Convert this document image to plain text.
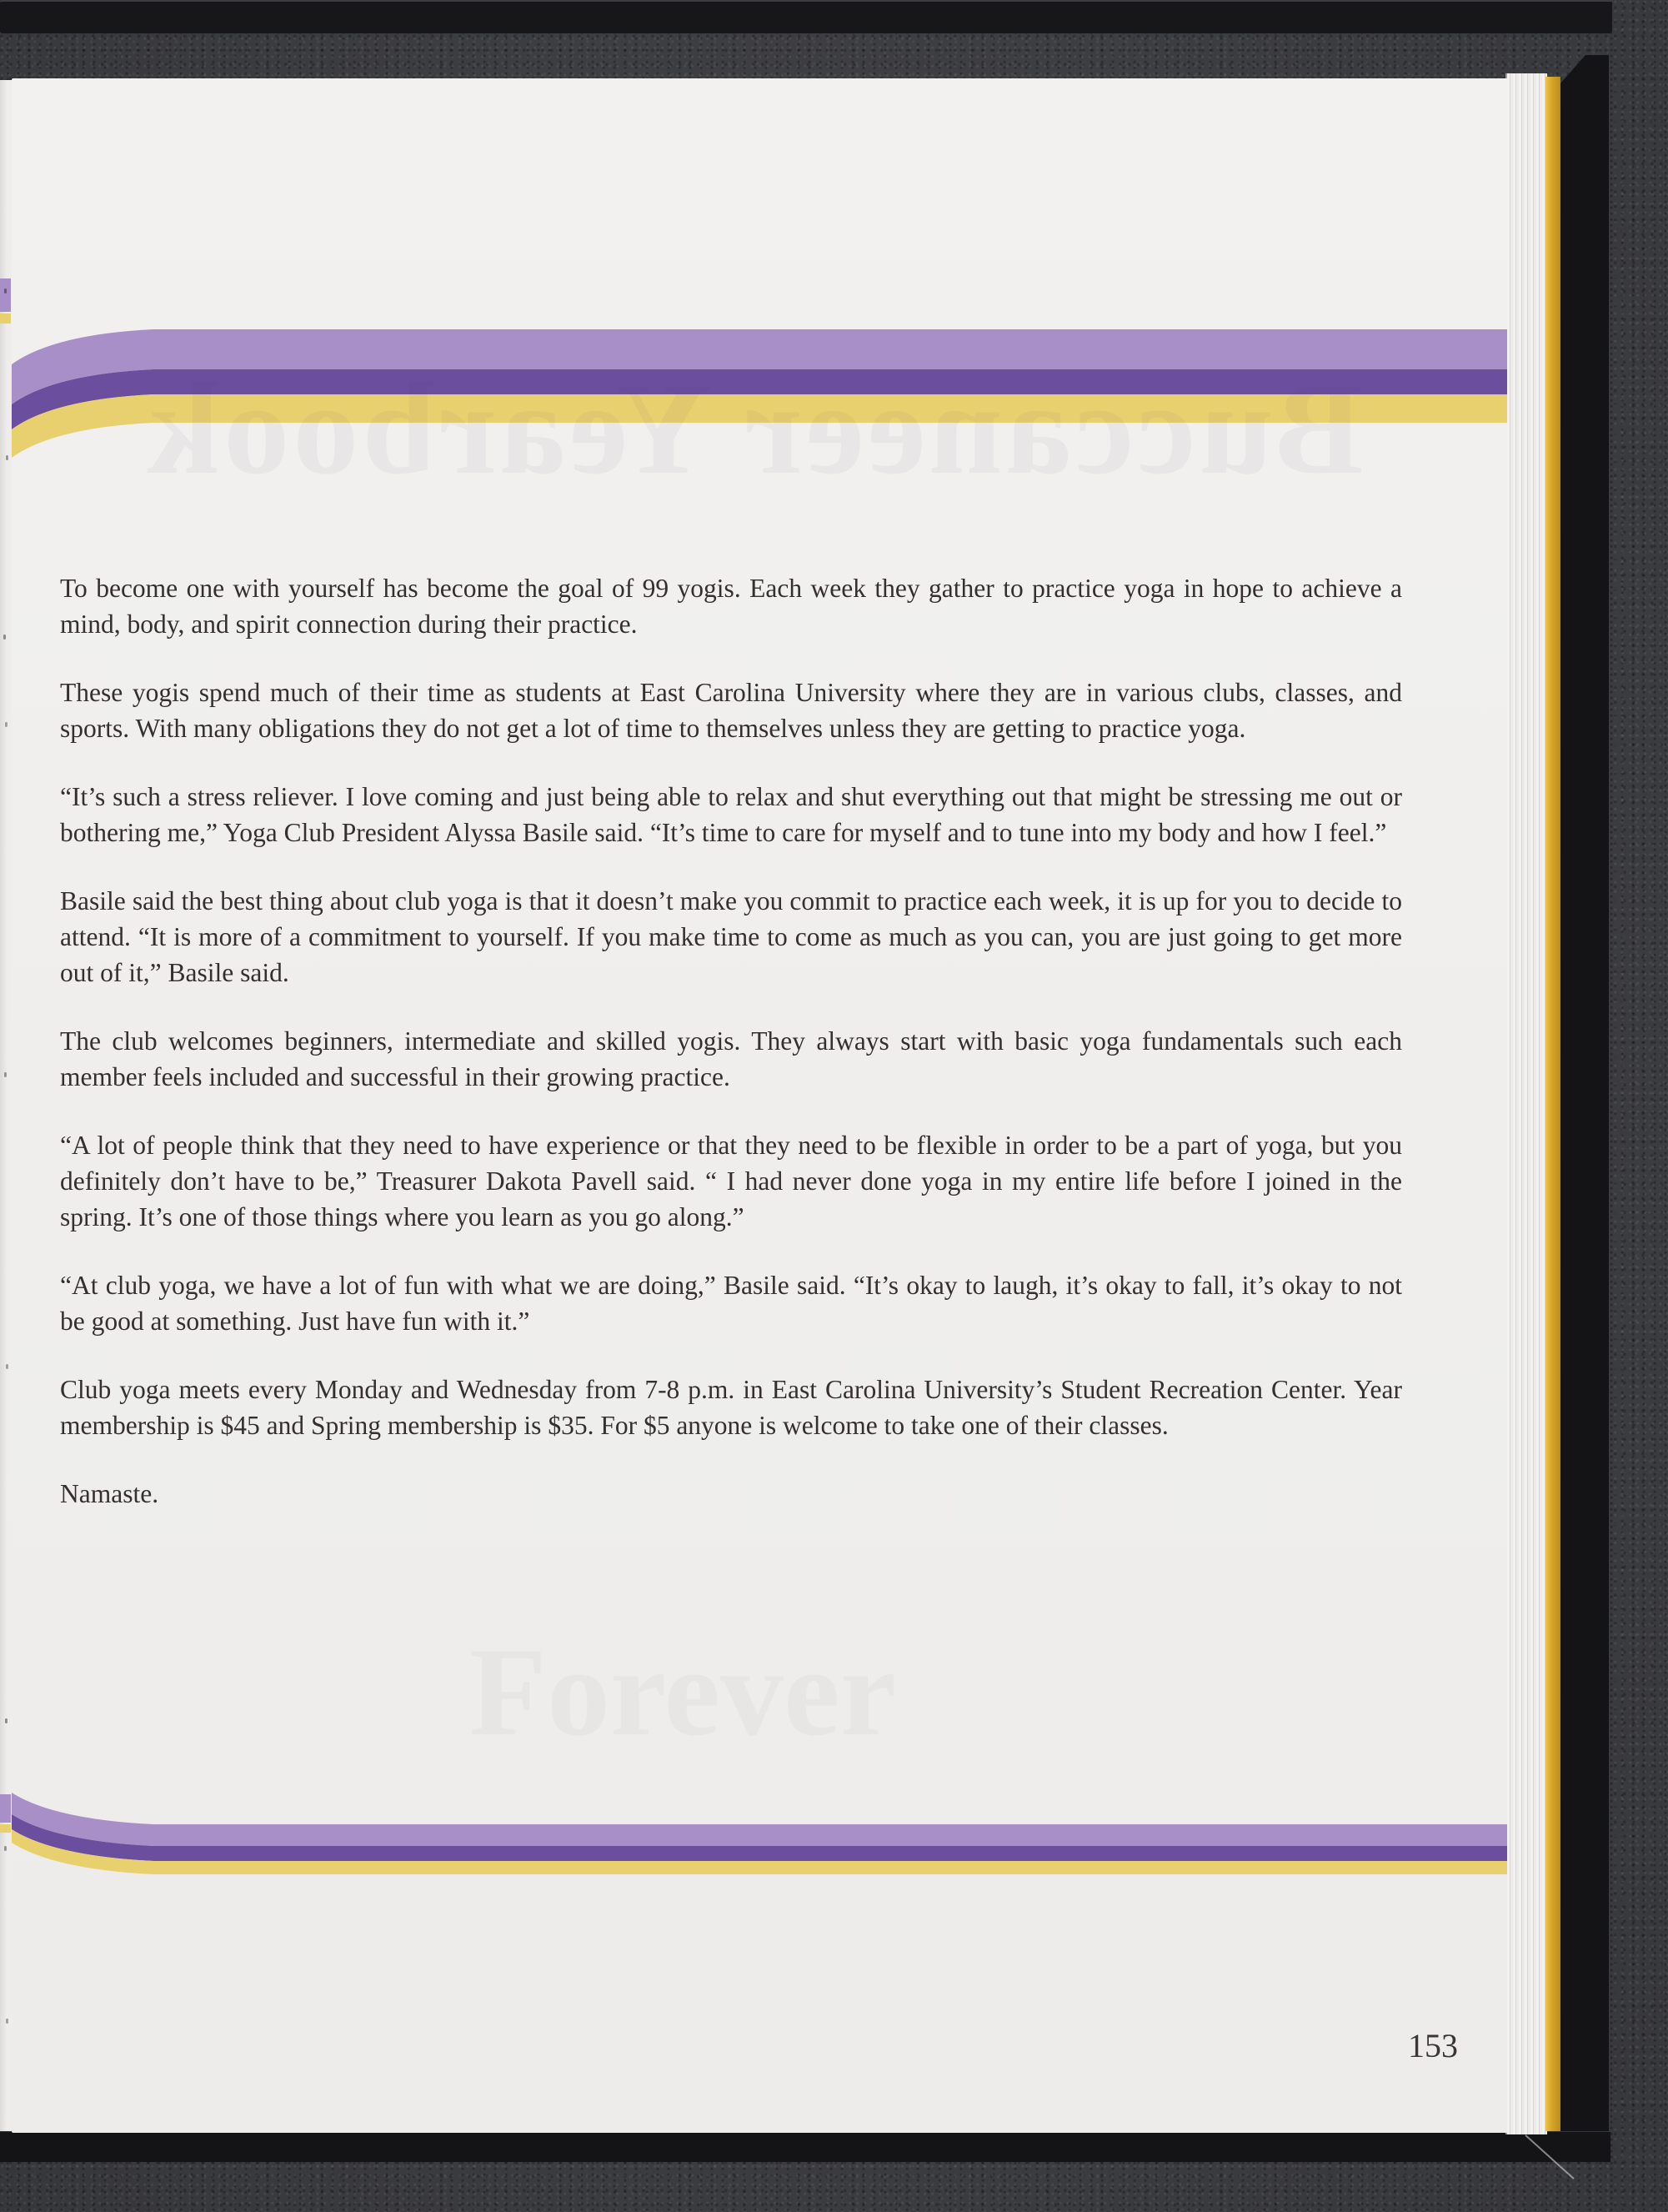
Buccaneer Yearbook

To become one with yourself has become the goal of 99 yogis. Each week they gather to practice yoga in hope to achieve a mind, body, and spirit connection during their practice.

These yogis spend much of their time as students at East Carolina University where they are in various clubs, classes, and sports. With many obligations they do not get a lot of time to themselves unless they are getting to practice yoga.

“It’s such a stress reliever. I love coming and just being able to relax and shut everything out that might be stressing me out or bothering me,” Yoga Club President Alyssa Basile said. “It’s time to care for myself and to tune into my body and how I feel.”

Basile said the best thing about club yoga is that it doesn’t make you commit to practice each week, it is up for you to decide to attend. “It is more of a commitment to yourself. If you make time to come as much as you can, you are just going to get more out of it,” Basile said.

The club welcomes beginners, intermediate and skilled yogis. They always start with basic yoga fundamentals such each member feels included and successful in their growing practice.

“A lot of people think that they need to have experience or that they need to be flexible in order to be a part of yoga, but you definitely don’t have to be,” Treasurer Dakota Pavell said. “ I had never done yoga in my entire life before I joined in the spring. It’s one of those things where you learn as you go along.”

“At club yoga, we have a lot of fun with what we are doing,” Basile said. “It’s okay to laugh, it’s okay to fall, it’s okay to not be good at something. Just have fun with it.”

Club yoga meets every Monday and Wednesday from 7-8 p.m. in East Carolina University’s Student Recreation Center. Year membership is $45 and Spring membership is $35. For $5 anyone is welcome to take one of their classes.

Namaste.

153
